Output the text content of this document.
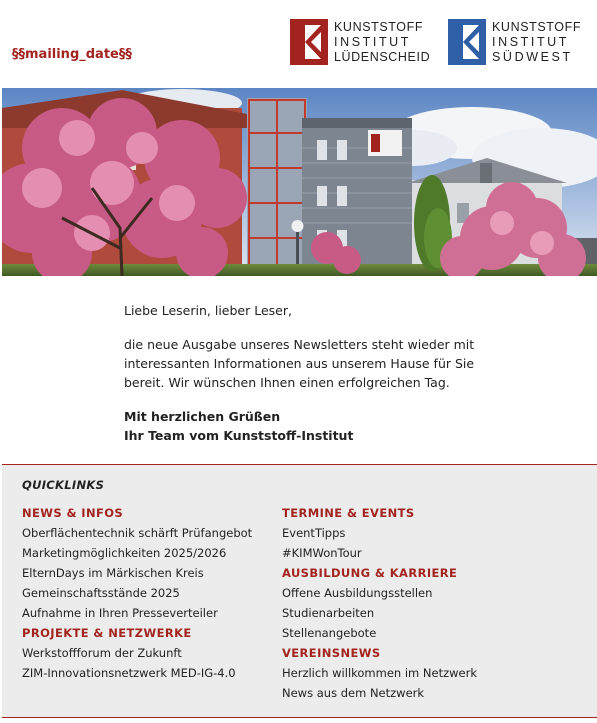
§§mailing_date§§
KUNSTSTOFF
INSTITUT
LÜDENSCHEID
KUNSTSTOFF
INSTITUT
SÜDWEST

Liebe Leserin, lieber Leser,

die neue Ausgabe unseres Newsletters steht wieder mit interessanten Informationen aus unserem Hause für Sie bereit. Wir wünschen Ihnen einen erfolgreichen Tag.

Mit herzlichen Grüßen

Ihr Team vom Kunststoff-Institut

QUICKLINKS
NEWS & INFOS
Oberflächentechnik schärft Prüfangebot
Marketingmöglichkeiten 2025/2026
ElternDays im Märkischen Kreis
Gemeinschaftsstände 2025
Aufnahme in Ihren Presseverteiler
PROJEKTE & NETZWERKE
Werkstoffforum der Zukunft
ZIM-Innovationsnetzwerk MED-IG-4.0
TERMINE & EVENTS
EventTipps
#KIMWonTour
AUSBILDUNG & KARRIERE
Offene Ausbildungsstellen
Studienarbeiten
Stellenangebote
VEREINSNEWS
Herzlich willkommen im Netzwerk
News aus dem Netzwerk
